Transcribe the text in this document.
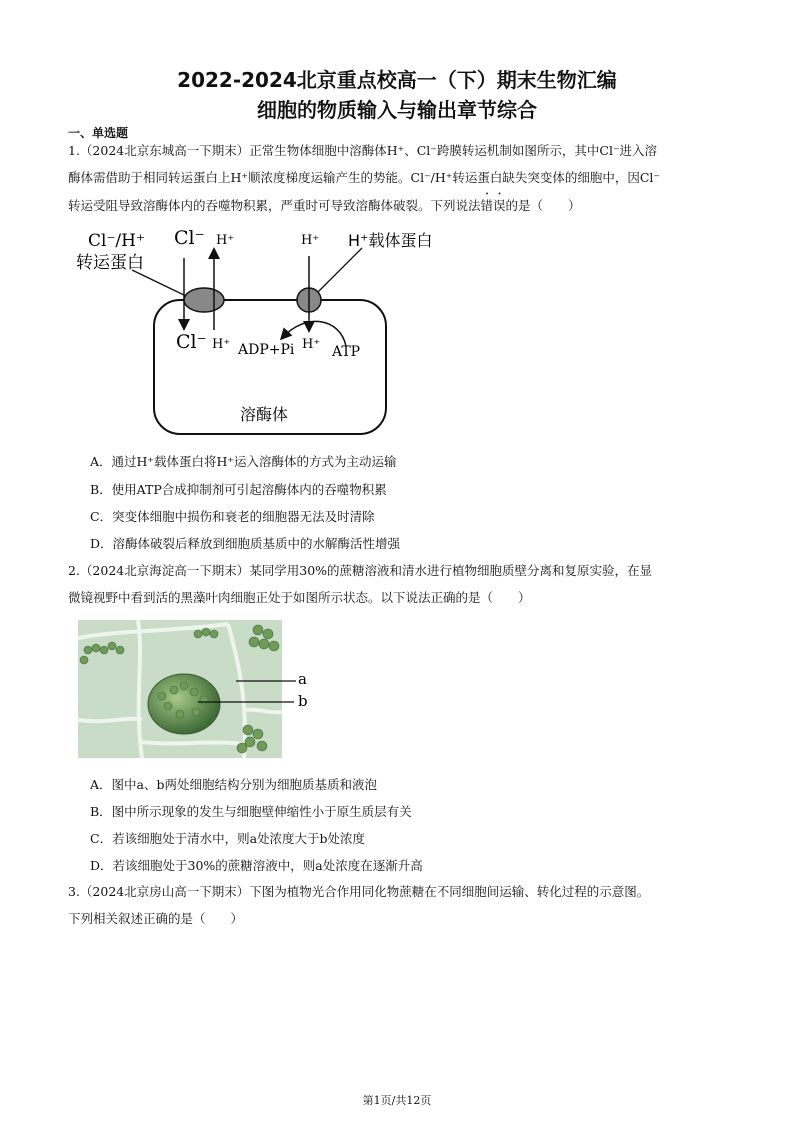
2022-2024北京重点校高一（下）期末生物汇编
细胞的物质输入与输出章节综合
一、单选题
1.（2024北京东城高一下期末）正常生物体细胞中溶酶体H⁺、Cl⁻跨膜转运机制如图所示，其中Cl⁻进入溶
酶体需借助于相同转运蛋白上H⁺顺浓度梯度运输产生的势能。Cl⁻/H⁺转运蛋白缺失突变体的细胞中，因Cl⁻
转运受阻导致溶酶体内的吞噬物积累，严重时可导致溶酶体破裂。下列说法错误的是（　　）
Cl⁻/H⁺
转运蛋白
Cl⁻ H⁺	H⁺ H⁺载体蛋白
Cl⁻ H⁺ ADP+Pi H⁺ ATP
溶酶体
A．通过H⁺载体蛋白将H⁺运入溶酶体的方式为主动运输
B．使用ATP合成抑制剂可引起溶酶体内的吞噬物积累
C．突变体细胞中损伤和衰老的细胞器无法及时清除
D．溶酶体破裂后释放到细胞质基质中的水解酶活性增强
2.（2024北京海淀高一下期末）某同学用30%的蔗糖溶液和清水进行植物细胞质壁分离和复原实验，在显
微镜视野中看到活的黑藻叶肉细胞正处于如图所示状态。以下说法正确的是（　　）
a
b
A．图中a、b两处细胞结构分别为细胞质基质和液泡
B．图中所示现象的发生与细胞壁伸缩性小于原生质层有关
C．若该细胞处于清水中，则a处浓度大于b处浓度
D．若该细胞处于30%的蔗糖溶液中，则a处浓度在逐渐升高
3.（2024北京房山高一下期末）下图为植物光合作用同化物蔗糖在不同细胞间运输、转化过程的示意图。
下列相关叙述正确的是（　　）
第1页/共12页
